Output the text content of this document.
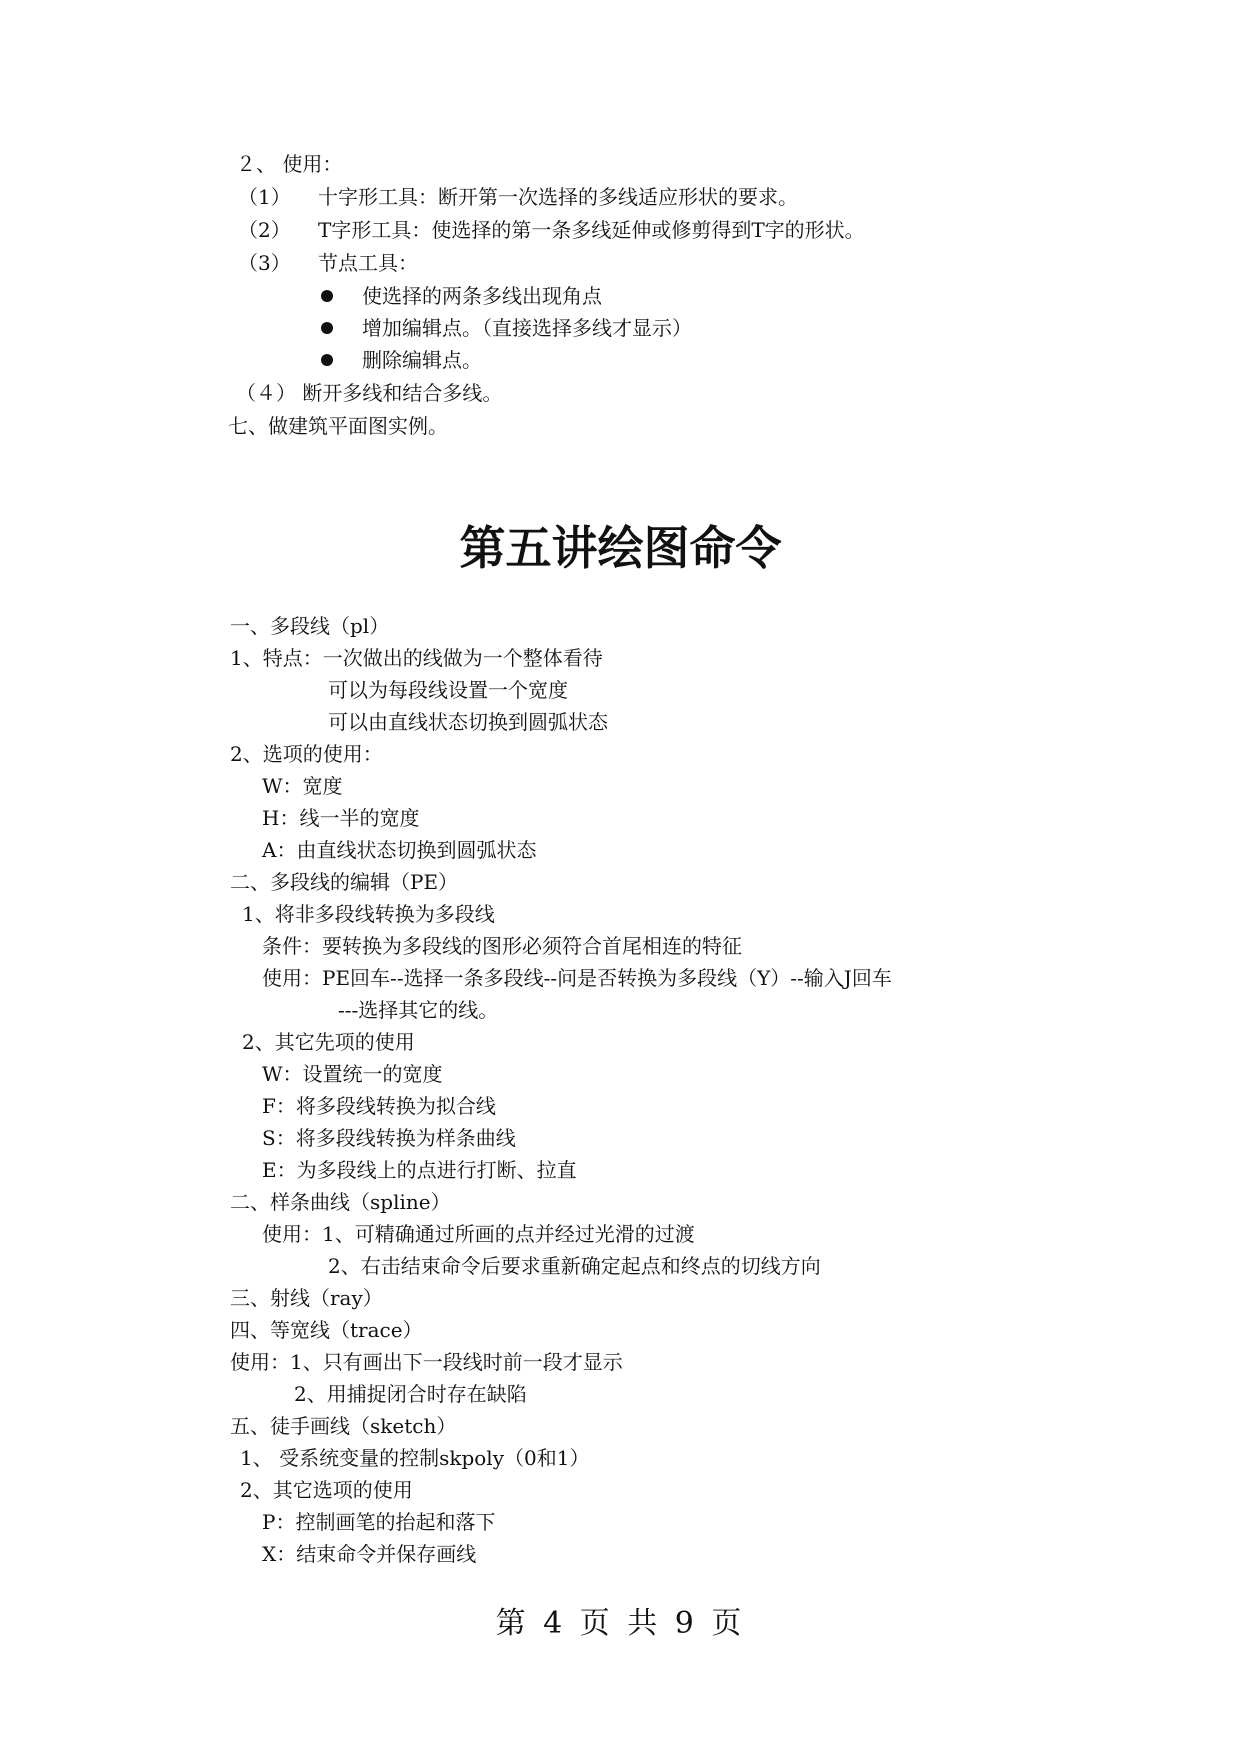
２、 使用：
（1） 十字形工具：断开第一次选择的多线适应形状的要求。
（2） T字形工具：使选择的第一条多线延伸或修剪得到T字的形状。
（3） 节点工具：
使选择的两条多线出现角点
增加编辑点。（直接选择多线才显示）
删除编辑点。
（４） 断开多线和结合多线。
七、做建筑平面图实例。
第五讲绘图命令
一、多段线（pl）
1、特点：一次做出的线做为一个整体看待
可以为每段线设置一个宽度
可以由直线状态切换到圆弧状态
2、选项的使用：
W：宽度
H：线一半的宽度
A：由直线状态切换到圆弧状态
二、多段线的编辑（PE）
1、将非多段线转换为多段线
条件：要转换为多段线的图形必须符合首尾相连的特征
使用：PE回车--选择一条多段线--问是否转换为多段线（Y）--输入J回车
---选择其它的线。
2、其它先项的使用
W：设置统一的宽度
F：将多段线转换为拟合线
S：将多段线转换为样条曲线
E：为多段线上的点进行打断、拉直
二、样条曲线（spline）
使用：1、可精确通过所画的点并经过光滑的过渡
2、右击结束命令后要求重新确定起点和终点的切线方向
三、射线（ray）
四、等宽线（trace）
使用：1、只有画出下一段线时前一段才显示
2、用捕捉闭合时存在缺陷
五、徒手画线（sketch）
1、 受系统变量的控制skpoly（0和1）
2、其它选项的使用
P：控制画笔的抬起和落下
X：结束命令并保存画线
第 4 页 共 9 页
